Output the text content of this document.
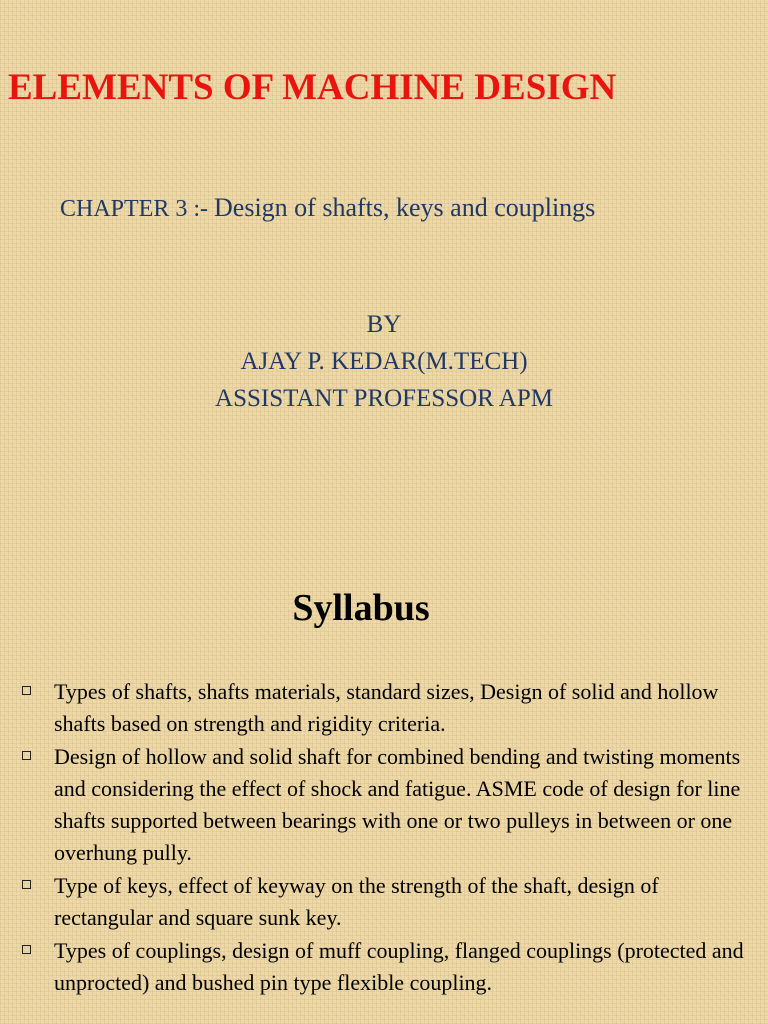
ELEMENTS OF MACHINE DESIGN

CHAPTER 3 :- Design of shafts, keys and couplings

BY
AJAY P. KEDAR(M.TECH)
ASSISTANT PROFESSOR APM
Syllabus
Types of shafts, shafts materials, standard sizes, Design of solid and hollow shafts based on strength and rigidity criteria.
Design of hollow and solid shaft for combined bending and twisting moments and considering the effect of shock and fatigue. ASME code of design for line shafts supported between bearings with one or two pulleys in between or one overhung pully.
Type of keys, effect of keyway on the strength of the shaft, design of rectangular and square sunk key.
Types of couplings, design of muff coupling, flanged couplings (protected and unprocted) and bushed pin type flexible coupling.
